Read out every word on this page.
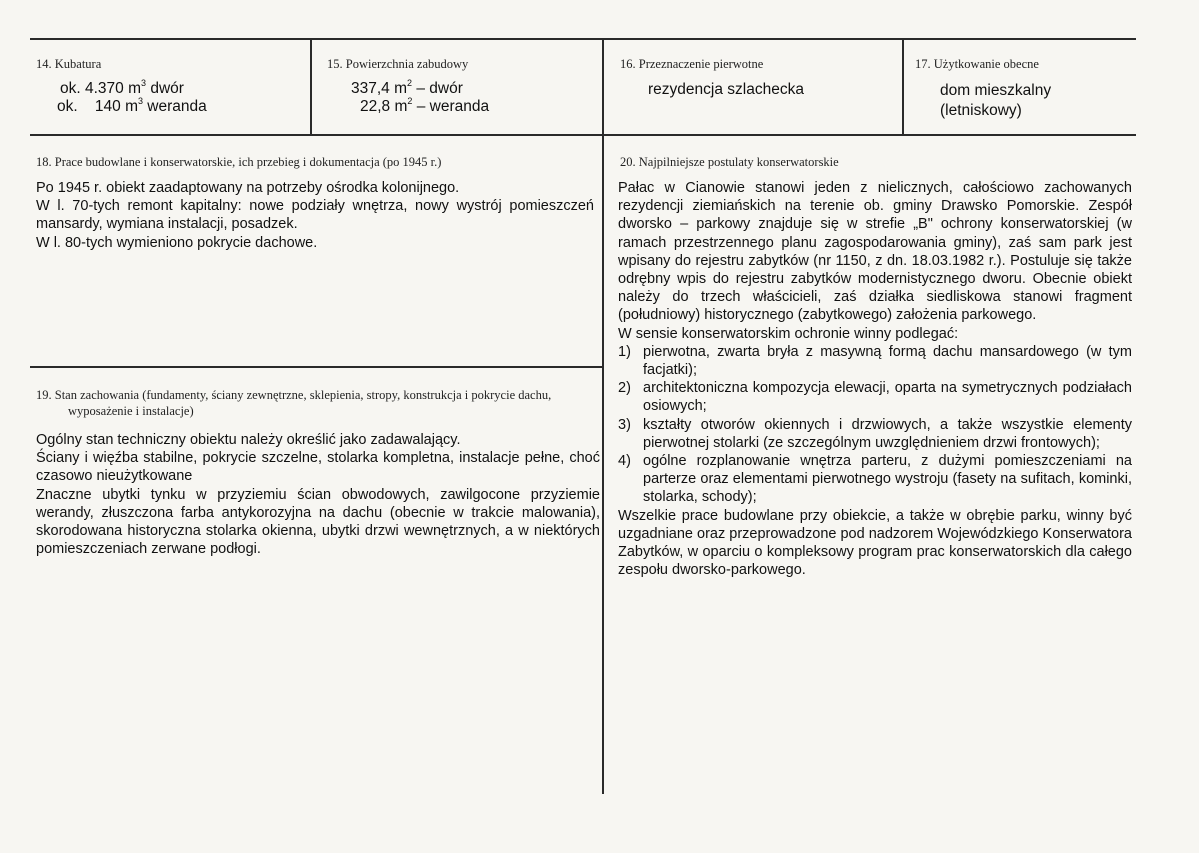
14. Kubatura
ok. 4.370 $m^3$ dwór
ok.    140 $m^3$ weranda
15. Powierzchnia zabudowy
337,4 $m^2$ – dwór
22,8 $m^2$ – weranda
16. Przeznaczenie pierwotne
rezydencja szlachecka
17. Użytkowanie obecne
dom mieszkalny
(letniskowy)
18. Prace budowlane i konserwatorskie, ich przebieg i dokumentacja (po 1945 r.)

Po 1945 r. obiekt zaadaptowany na potrzeby ośrodka kolonijnego.

W l. 70-tych remont kapitalny: nowe podziały wnętrza, nowy wystrój pomieszczeń mansardy, wymiana instalacji, posadzek.

W l. 80-tych wymieniono pokrycie dachowe.

19. Stan zachowania (fundamenty, ściany zewnętrzne, sklepienia, stropy, konstrukcja i pokrycie dachu, wyposażenie i instalacje)

Ogólny stan techniczny obiektu należy określić jako zadawalający.

Ściany i więźba stabilne, pokrycie szczelne, stolarka kompletna, instalacje pełne, choć czasowo nieużytkowane

Znaczne ubytki tynku w przyziemiu ścian obwodowych, zawilgocone przyziemie werandy, złuszczona farba antykorozyjna na dachu (obecnie w trakcie malowania), skorodowana historyczna stolarka okienna, ubytki drzwi wewnętrznych, a w niektórych pomieszczeniach zerwane podłogi.

20. Najpilniejsze postulaty konserwatorskie

Pałac w Cianowie stanowi jeden z nielicznych, całościowo zachowanych rezydencji ziemiańskich na terenie ob. gminy Drawsko Pomorskie. Zespół dworsko – parkowy znajduje się w strefie „B" ochrony konserwatorskiej (w ramach przestrzennego planu zagospodarowania gminy), zaś sam park jest wpisany do rejestru zabytków (nr 1150, z dn. 18.03.1982 r.). Postuluje się także odrębny wpis do rejestru zabytków modernistycznego dworu. Obecnie obiekt należy do trzech właścicieli, zaś działka siedliskowa stanowi fragment (południowy) historycznego (zabytkowego) założenia parkowego.

W sensie konserwatorskim ochronie winny podlegać:

1) pierwotna, zwarta bryła z masywną formą dachu mansardowego (w tym facjatki);
2) architektoniczna kompozycja elewacji, oparta na symetrycznych podziałach osiowych;
3) kształty otworów okiennych i drzwiowych, a także wszystkie elementy pierwotnej stolarki (ze szczególnym uwzględnieniem drzwi frontowych);
4) ogólne rozplanowanie wnętrza parteru, z dużymi pomieszczeniami na parterze oraz elementami pierwotnego wystroju (fasety na sufitach, kominki, stolarka, schody);

Wszelkie prace budowlane przy obiekcie, a także w obrębie parku, winny być uzgadniane oraz przeprowadzone pod nadzorem Wojewódzkiego Konserwatora Zabytków, w oparciu o kompleksowy program prac konserwatorskich dla całego zespołu dworsko-parkowego.
